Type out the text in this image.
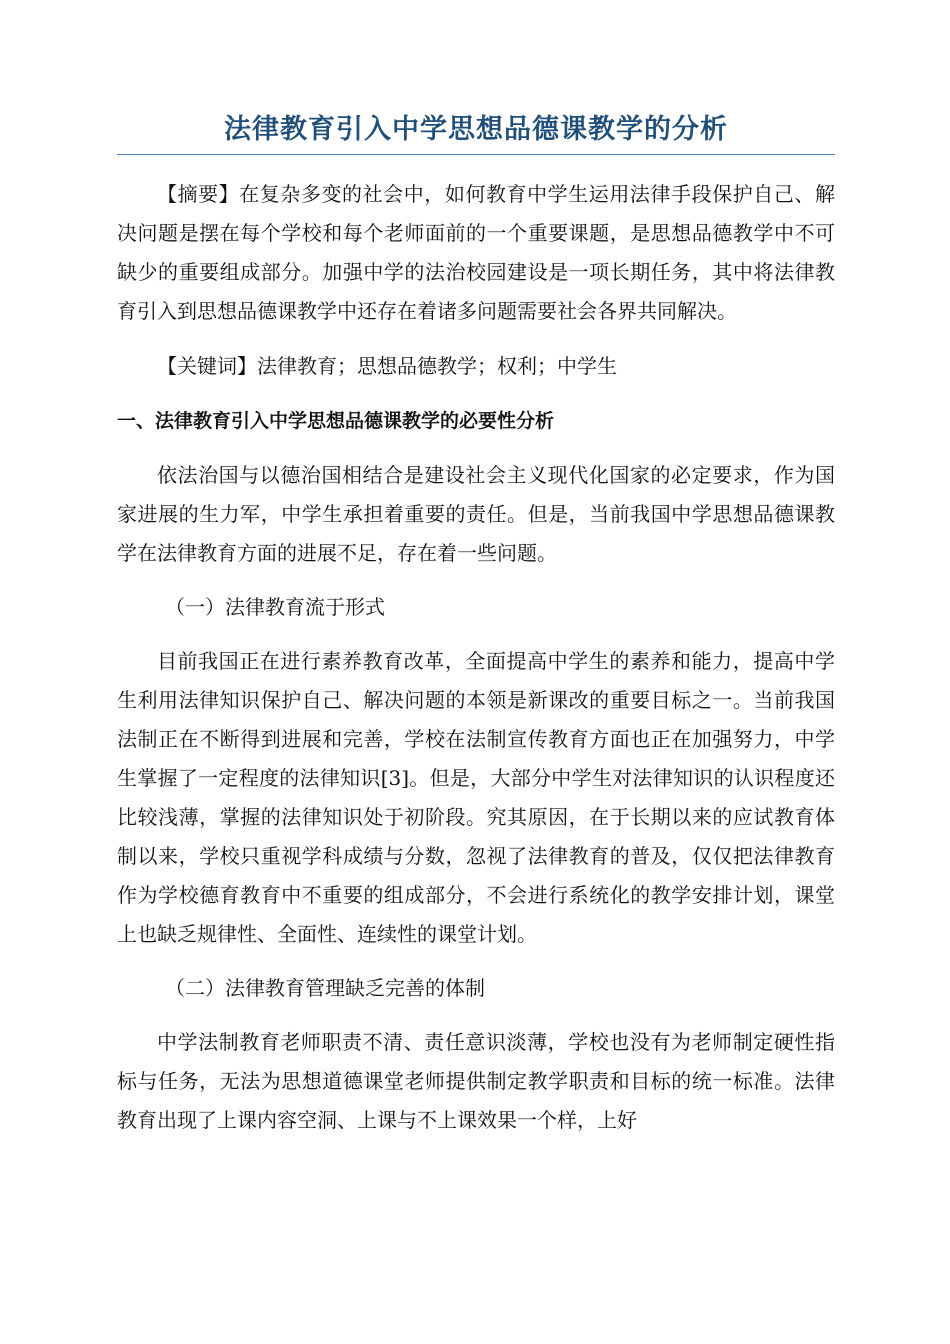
法律教育引入中学思想品德课教学的分析

【摘要】在复杂多变的社会中，如何教育中学生运用法律手段保护自己、解决问题是摆在每个学校和每个老师面前的一个重要课题，是思想品德教学中不可缺少的重要组成部分。加强中学的法治校园建设是一项长期任务，其中将法律教育引入到思想品德课教学中还存在着诸多问题需要社会各界共同解决。

【关键词】法律教育；思想品德教学；权利；中学生

一、法律教育引入中学思想品德课教学的必要性分析

依法治国与以德治国相结合是建设社会主义现代化国家的必定要求，作为国家进展的生力军，中学生承担着重要的责任。但是，当前我国中学思想品德课教学在法律教育方面的进展不足，存在着一些问题。

（一）法律教育流于形式

目前我国正在进行素养教育改革，全面提高中学生的素养和能力，提高中学生利用法律知识保护自己、解决问题的本领是新课改的重要目标之一。当前我国法制正在不断得到进展和完善，学校在法制宣传教育方面也正在加强努力，中学生掌握了一定程度的法律知识[3]。但是，大部分中学生对法律知识的认识程度还比较浅薄，掌握的法律知识处于初阶段。究其原因，在于长期以来的应试教育体制以来，学校只重视学科成绩与分数，忽视了法律教育的普及，仅仅把法律教育作为学校德育教育中不重要的组成部分，不会进行系统化的教学安排计划，课堂上也缺乏规律性、全面性、连续性的课堂计划。

（二）法律教育管理缺乏完善的体制

中学法制教育老师职责不清、责任意识淡薄，学校也没有为老师制定硬性指标与任务，无法为思想道德课堂老师提供制定教学职责和目标的统一标准。法律教育出现了上课内容空洞、上课与不上课效果一个样，上好
